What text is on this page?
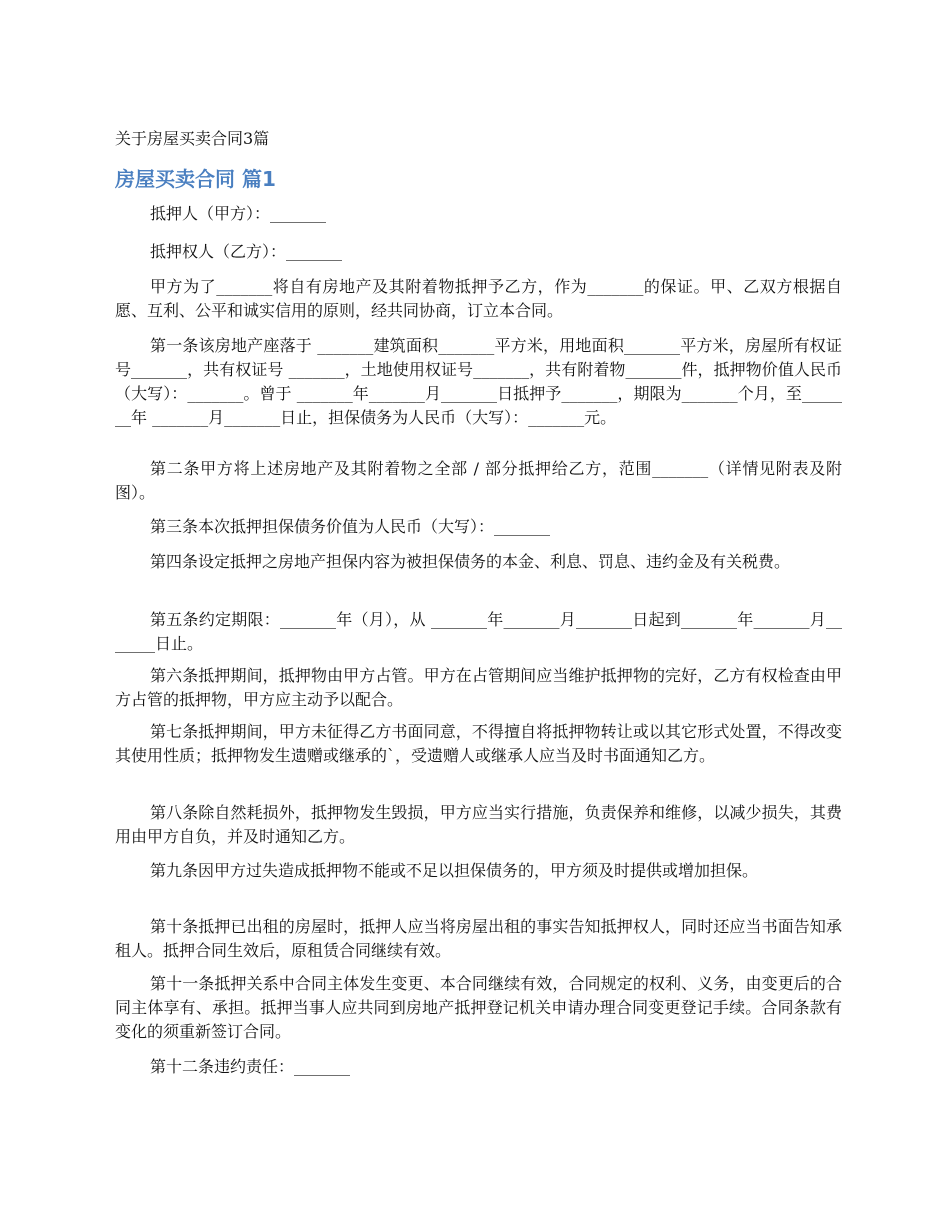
关于房屋买卖合同3篇
房屋买卖合同 篇1

抵押人（甲方）：_______

抵押权人（乙方）：_______

甲方为了_______将自有房地产及其附着物抵押予乙方，作为_______的保证。甲、乙双方根据自愿、互利、公平和诚实信用的原则，经共同协商，订立本合同。

第一条该房地产座落于 _______建筑面积_______平方米，用地面积_______平方米，房屋所有权证号_______，共有权证号 _______，土地使用权证号_______，共有附着物_______件，抵押物价值人民币（大写）：_______。曾于 _______年_______月_______日抵押予_______，期限为_______个月，至_______年 _______月_______日止，担保债务为人民币（大写）：_______元。

第二条甲方将上述房地产及其附着物之全部 / 部分抵押给乙方，范围_______（详情见附表及附图）。

第三条本次抵押担保债务价值为人民币（大写）：_______

第四条设定抵押之房地产担保内容为被担保债务的本金、利息、罚息、违约金及有关税费。

第五条约定期限：_______年（月），从 _______年_______月_______日起到_______年_______月_______日止。

第六条抵押期间，抵押物由甲方占管。甲方在占管期间应当维护抵押物的完好，乙方有权检查由甲方占管的抵押物，甲方应主动予以配合。

第七条抵押期间，甲方未征得乙方书面同意，不得擅自将抵押物转让或以其它形式处置，不得改变其使用性质；抵押物发生遗赠或继承的`，受遗赠人或继承人应当及时书面通知乙方。

第八条除自然耗损外，抵押物发生毁损，甲方应当实行措施，负责保养和维修，以减少损失，其费用由甲方自负，并及时通知乙方。

第九条因甲方过失造成抵押物不能或不足以担保债务的，甲方须及时提供或增加担保。

第十条抵押已出租的房屋时，抵押人应当将房屋出租的事实告知抵押权人，同时还应当书面告知承租人。抵押合同生效后，原租赁合同继续有效。

第十一条抵押关系中合同主体发生变更、本合同继续有效，合同规定的权利、义务，由变更后的合同主体享有、承担。抵押当事人应共同到房地产抵押登记机关申请办理合同变更登记手续。合同条款有变化的须重新签订合同。

第十二条违约责任：_______
